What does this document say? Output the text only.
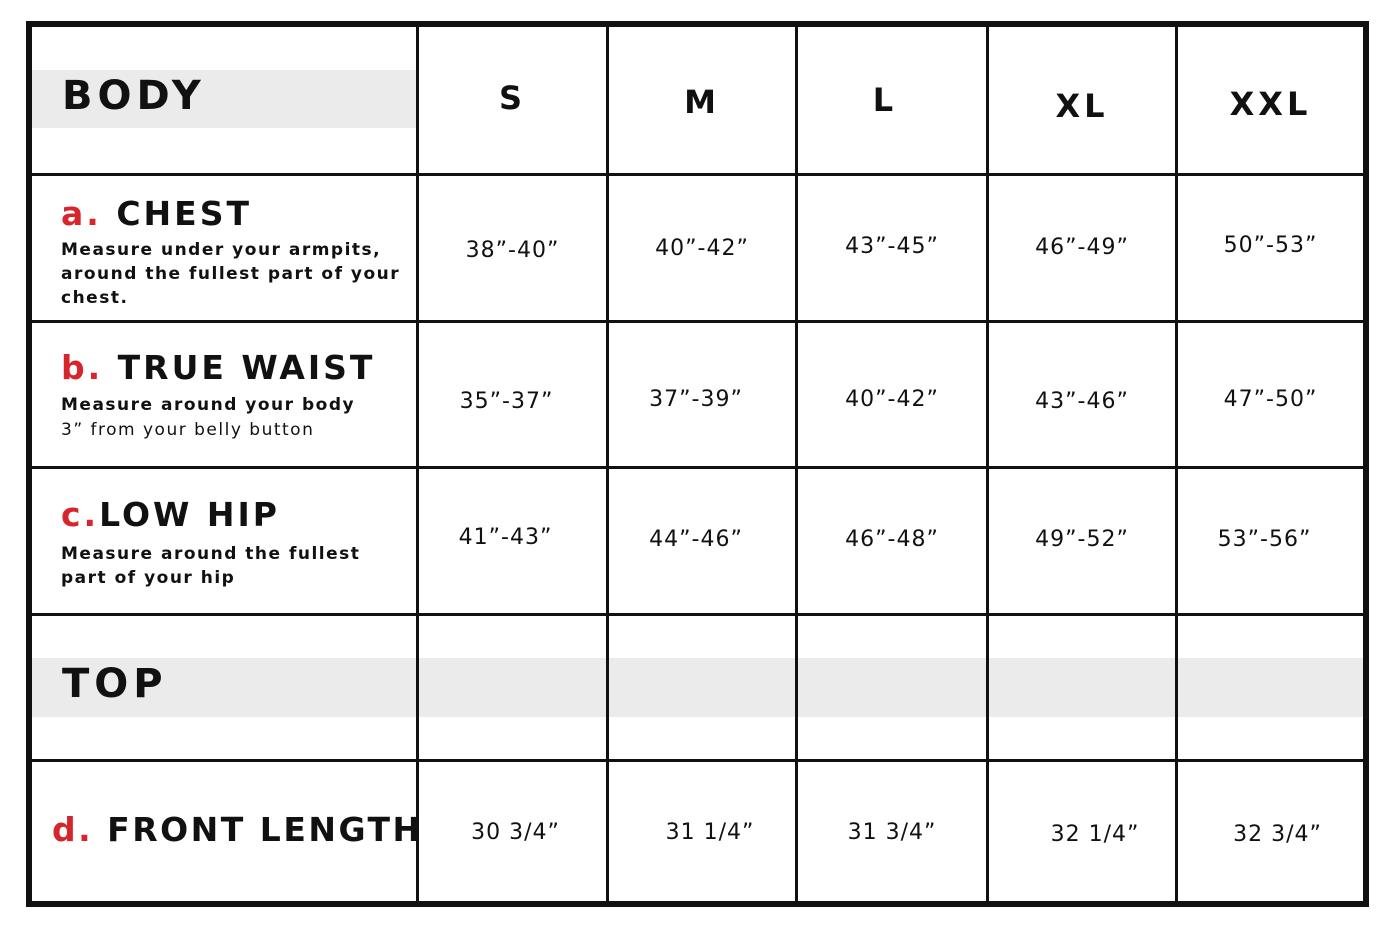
BODY	S	M	L	XL	XXL
a. CHEST
Measure under your armpits, around the fullest part of your chest.
38”-40”	40”-42”	43”-45”	46”-49”	50”-53”
b. TRUE WAIST
Measure around your body
3” from your belly button
35”-37”	37”-39”	40”-42”	43”-46”	47”-50”
c.LOW HIP
Measure around the fullest part of your hip
41”-43”	44”-46”	46”-48”	49”-52”	53”-56”
TOP
d. FRONT LENGTH	30 3/4”	31 1/4”	31 3/4”	32 1/4”	32 3/4”
